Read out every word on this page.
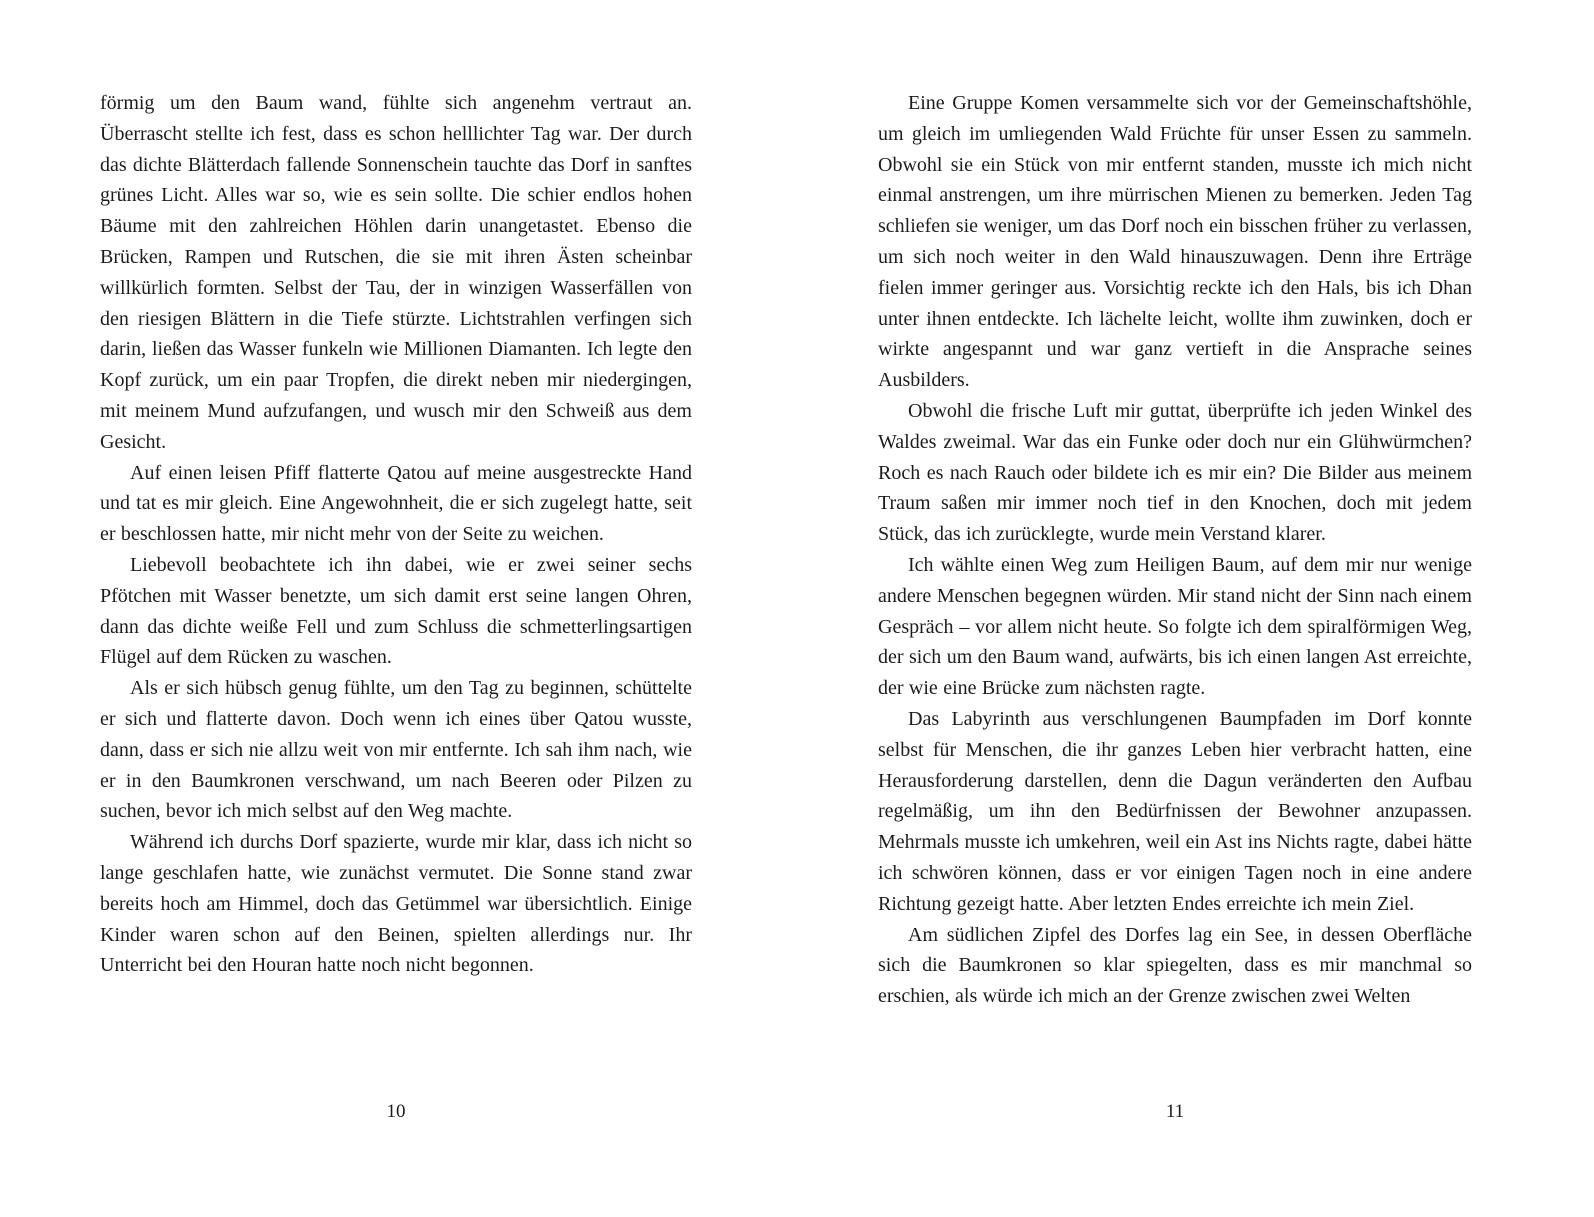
förmig um den Baum wand, fühlte sich angenehm vertraut an. Überrascht stellte ich fest, dass es schon helllichter Tag war. Der durch das dichte Blätterdach fallende Sonnenschein tauchte das Dorf in sanftes grünes Licht. Alles war so, wie es sein sollte. Die schier endlos hohen Bäume mit den zahlreichen Höhlen darin unangetastet. Ebenso die Brücken, Rampen und Rutschen, die sie mit ihren Ästen scheinbar willkürlich formten. Selbst der Tau, der in winzigen Wasserfällen von den riesigen Blättern in die Tiefe stürzte. Lichtstrahlen verfingen sich darin, ließen das Wasser funkeln wie Millionen Diamanten. Ich legte den Kopf zurück, um ein paar Tropfen, die direkt neben mir niedergingen, mit meinem Mund aufzufangen, und wusch mir den Schweiß aus dem Gesicht.

Auf einen leisen Pfiff flatterte Qatou auf meine ausgestreckte Hand und tat es mir gleich. Eine Angewohnheit, die er sich zugelegt hatte, seit er beschlossen hatte, mir nicht mehr von der Seite zu weichen.

Liebevoll beobachtete ich ihn dabei, wie er zwei seiner sechs Pfötchen mit Wasser benetzte, um sich damit erst seine langen Ohren, dann das dichte weiße Fell und zum Schluss die schmetterlingsartigen Flügel auf dem Rücken zu waschen.

Als er sich hübsch genug fühlte, um den Tag zu beginnen, schüttelte er sich und flatterte davon. Doch wenn ich eines über Qatou wusste, dann, dass er sich nie allzu weit von mir entfernte. Ich sah ihm nach, wie er in den Baumkronen verschwand, um nach Beeren oder Pilzen zu suchen, bevor ich mich selbst auf den Weg machte.

Während ich durchs Dorf spazierte, wurde mir klar, dass ich nicht so lange geschlafen hatte, wie zunächst vermutet. Die Sonne stand zwar bereits hoch am Himmel, doch das Getümmel war übersichtlich. Einige Kinder waren schon auf den Beinen, spielten allerdings nur. Ihr Unterricht bei den Houran hatte noch nicht begonnen.

10

Eine Gruppe Komen versammelte sich vor der Gemeinschaftshöhle, um gleich im umliegenden Wald Früchte für unser Essen zu sammeln. Obwohl sie ein Stück von mir entfernt standen, musste ich mich nicht einmal anstrengen, um ihre mürrischen Mienen zu bemerken. Jeden Tag schliefen sie weniger, um das Dorf noch ein bisschen früher zu verlassen, um sich noch weiter in den Wald hinauszuwagen. Denn ihre Erträge fielen immer geringer aus. Vorsichtig reckte ich den Hals, bis ich Dhan unter ihnen entdeckte. Ich lächelte leicht, wollte ihm zuwinken, doch er wirkte angespannt und war ganz vertieft in die Ansprache seines Ausbilders.

Obwohl die frische Luft mir guttat, überprüfte ich jeden Winkel des Waldes zweimal. War das ein Funke oder doch nur ein Glühwürmchen? Roch es nach Rauch oder bildete ich es mir ein? Die Bilder aus meinem Traum saßen mir immer noch tief in den Knochen, doch mit jedem Stück, das ich zurücklegte, wurde mein Verstand klarer.

Ich wählte einen Weg zum Heiligen Baum, auf dem mir nur wenige andere Menschen begegnen würden. Mir stand nicht der Sinn nach einem Gespräch – vor allem nicht heute. So folgte ich dem spiralförmigen Weg, der sich um den Baum wand, aufwärts, bis ich einen langen Ast erreichte, der wie eine Brücke zum nächsten ragte.

Das Labyrinth aus verschlungenen Baumpfaden im Dorf konnte selbst für Menschen, die ihr ganzes Leben hier verbracht hatten, eine Herausforderung darstellen, denn die Dagun veränderten den Aufbau regelmäßig, um ihn den Bedürfnissen der Bewohner anzupassen. Mehrmals musste ich umkehren, weil ein Ast ins Nichts ragte, dabei hätte ich schwören können, dass er vor einigen Tagen noch in eine andere Richtung gezeigt hatte. Aber letzten Endes erreichte ich mein Ziel.

Am südlichen Zipfel des Dorfes lag ein See, in dessen Oberfläche sich die Baumkronen so klar spiegelten, dass es mir manchmal so erschien, als würde ich mich an der Grenze zwischen zwei Welten

11
